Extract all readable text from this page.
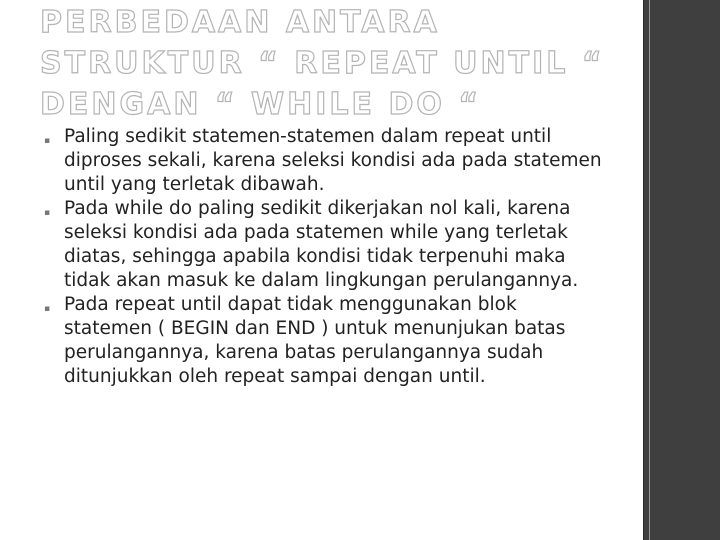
PERBEDAAN ANTARA STRUKTUR “ REPEAT UNTIL “ DENGAN “ WHILE DO “
▪ Paling sedikit statemen-statemen dalam repeat until diproses sekali, karena seleksi kondisi ada pada statemen until yang terletak dibawah.
▪ Pada while do paling sedikit dikerjakan nol kali, karena seleksi kondisi ada pada statemen while yang terletak diatas, sehingga apabila kondisi tidak terpenuhi maka tidak akan masuk ke dalam lingkungan perulangannya.
▪ Pada repeat until dapat tidak menggunakan blok statemen ( BEGIN dan END ) untuk menunjukan batas perulangannya, karena batas perulangannya sudah ditunjukkan oleh repeat sampai dengan until.
